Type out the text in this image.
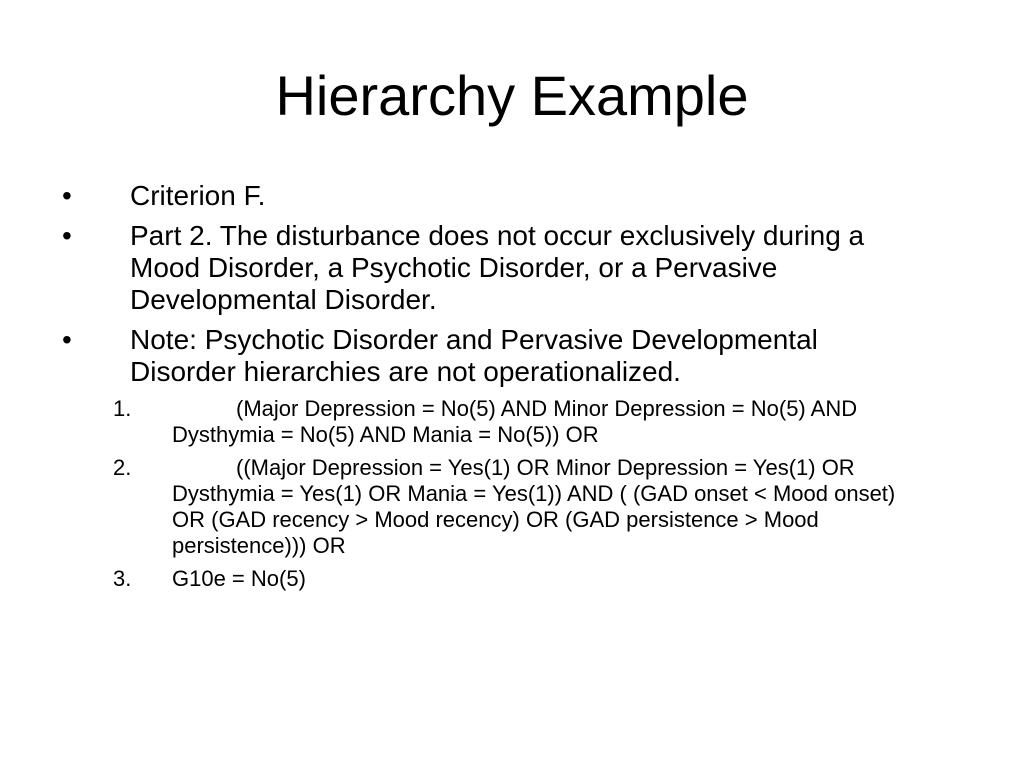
Hierarchy Example
• Criterion F.
• Part 2. The disturbance does not occur exclusively during a Mood Disorder, a Psychotic Disorder, or a Pervasive Developmental Disorder.
• Note: Psychotic Disorder and Pervasive Developmental Disorder hierarchies are not operationalized.
1.	(Major Depression = No(5) AND Minor Depression = No(5) AND Dysthymia = No(5) AND Mania = No(5)) OR
2.	((Major Depression = Yes(1) OR Minor Depression = Yes(1) OR Dysthymia = Yes(1) OR Mania = Yes(1)) AND ( (GAD onset < Mood onset) OR (GAD recency > Mood recency) OR (GAD persistence > Mood persistence))) OR
3. G10e = No(5)
